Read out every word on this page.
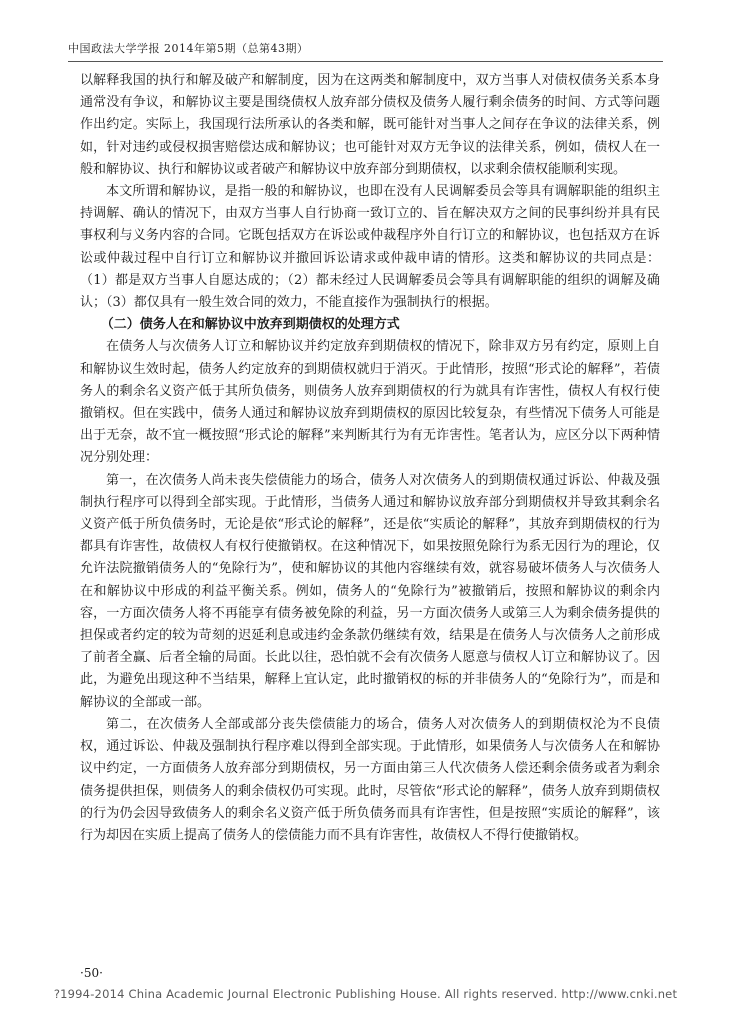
中国政法大学学报 2014年第5期（总第43期）

以解释我国的执行和解及破产和解制度，因为在这两类和解制度中，双方当事人对债权债务关系本身通常没有争议，和解协议主要是围绕债权人放弃部分债权及债务人履行剩余债务的时间、方式等问题作出约定。实际上，我国现行法所承认的各类和解，既可能针对当事人之间存在争议的法律关系，例如，针对违约或侵权损害赔偿达成和解协议；也可能针对双方无争议的法律关系，例如，债权人在一般和解协议、执行和解协议或者破产和解协议中放弃部分到期债权，以求剩余债权能顺利实现。

本文所谓和解协议，是指一般的和解协议，也即在没有人民调解委员会等具有调解职能的组织主持调解、确认的情况下，由双方当事人自行协商一致订立的、旨在解决双方之间的民事纠纷并具有民事权利与义务内容的合同。它既包括双方在诉讼或仲裁程序外自行订立的和解协议，也包括双方在诉讼或仲裁过程中自行订立和解协议并撤回诉讼请求或仲裁申请的情形。这类和解协议的共同点是：（1）都是双方当事人自愿达成的；（2）都未经过人民调解委员会等具有调解职能的组织的调解及确认；（3）都仅具有一般生效合同的效力，不能直接作为强制执行的根据。

（二）债务人在和解协议中放弃到期债权的处理方式

在债务人与次债务人订立和解协议并约定放弃到期债权的情况下，除非双方另有约定，原则上自和解协议生效时起，债务人约定放弃的到期债权就归于消灭。于此情形，按照“形式论的解释”，若债务人的剩余名义资产低于其所负债务，则债务人放弃到期债权的行为就具有诈害性，债权人有权行使撤销权。但在实践中，债务人通过和解协议放弃到期债权的原因比较复杂，有些情况下债务人可能是出于无奈，故不宜一概按照“形式论的解释”来判断其行为有无诈害性。笔者认为，应区分以下两种情况分别处理：

第一，在次债务人尚未丧失偿债能力的场合，债务人对次债务人的到期债权通过诉讼、仲裁及强制执行程序可以得到全部实现。于此情形，当债务人通过和解协议放弃部分到期债权并导致其剩余名义资产低于所负债务时，无论是依“形式论的解释”，还是依“实质论的解释”，其放弃到期债权的行为都具有诈害性，故债权人有权行使撤销权。在这种情况下，如果按照免除行为系无因行为的理论，仅允许法院撤销债务人的“免除行为”，使和解协议的其他内容继续有效，就容易破坏债务人与次债务人在和解协议中形成的利益平衡关系。例如，债务人的“免除行为”被撤销后，按照和解协议的剩余内容，一方面次债务人将不再能享有债务被免除的利益，另一方面次债务人或第三人为剩余债务提供的担保或者约定的较为苛刻的迟延利息或违约金条款仍继续有效，结果是在债务人与次债务人之前形成了前者全赢、后者全输的局面。长此以往，恐怕就不会有次债务人愿意与债权人订立和解协议了。因此，为避免出现这种不当结果，解释上宜认定，此时撤销权的标的并非债务人的“免除行为”，而是和解协议的全部或一部。

第二，在次债务人全部或部分丧失偿债能力的场合，债务人对次债务人的到期债权沦为不良债权，通过诉讼、仲裁及强制执行程序难以得到全部实现。于此情形，如果债务人与次债务人在和解协议中约定，一方面债务人放弃部分到期债权，另一方面由第三人代次债务人偿还剩余债务或者为剩余债务提供担保，则债务人的剩余债权仍可实现。此时，尽管依“形式论的解释”，债务人放弃到期债权的行为仍会因导致债务人的剩余名义资产低于所负债务而具有诈害性，但是按照“实质论的解释”，该行为却因在实质上提高了债务人的偿债能力而不具有诈害性，故债权人不得行使撤销权。

·50·
?1994-2014 China Academic Journal Electronic Publishing House. All rights reserved. http://www.cnki.net
